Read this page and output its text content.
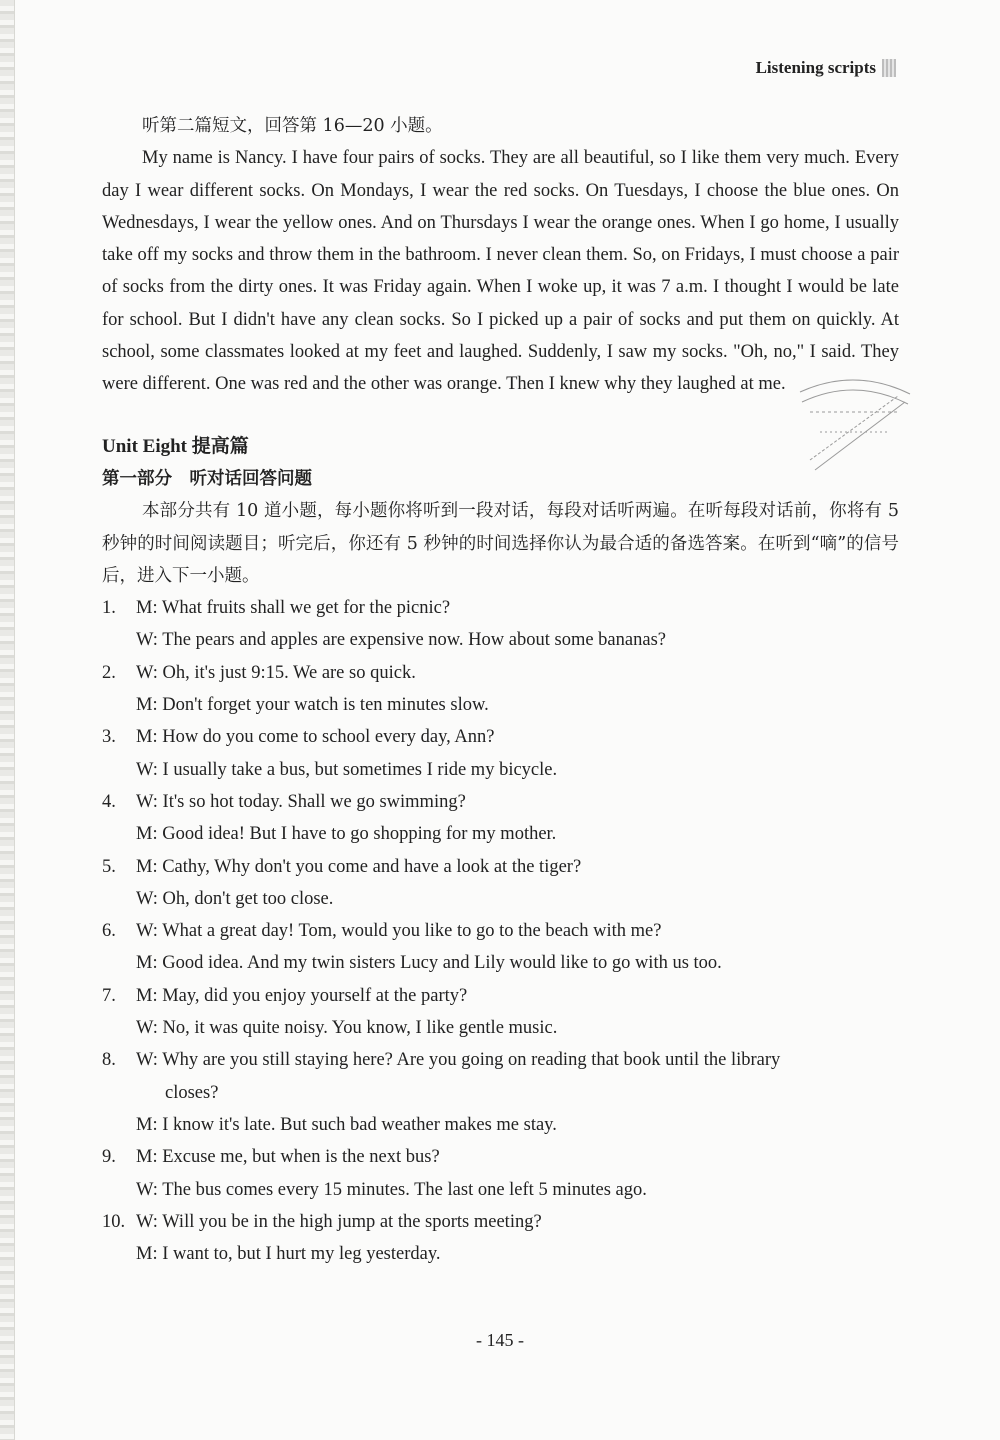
Listening scripts

听第二篇短文，回答第 16—20 小题。

My name is Nancy. I have four pairs of socks. They are all beautiful, so I like them very much. Every day I wear different socks. On Mondays, I wear the red socks. On Tuesdays, I choose the blue ones. On Wednesdays, I wear the yellow ones. And on Thursdays I wear the orange ones. When I go home, I usually take off my socks and throw them in the bathroom. I never clean them. So, on Fridays, I must choose a pair of socks from the dirty ones. It was Friday again. When I woke up, it was 7 a.m. I thought I would be late for school. But I didn't have any clean socks. So I picked up a pair of socks and put them on quickly. At school, some classmates looked at my feet and laughed. Suddenly, I saw my socks. "Oh, no," I said. They were different. One was red and the other was orange. Then I knew why they laughed at me.

Unit Eight 提高篇
第一部分　听对话回答问题

本部分共有 10 道小题，每小题你将听到一段对话，每段对话听两遍。在听每段对话前，你将有 5 秒钟的时间阅读题目；听完后，你还有 5 秒钟的时间选择你认为最合适的备选答案。在听到“嘀”的信号后，进入下一小题。

1. M: What fruits shall we get for the picnic?
W: The pears and apples are expensive now. How about some bananas?
2. W: Oh, it's just 9:15. We are so quick.
M: Don't forget your watch is ten minutes slow.
3. M: How do you come to school every day, Ann?
W: I usually take a bus, but sometimes I ride my bicycle.
4. W: It's so hot today. Shall we go swimming?
M: Good idea! But I have to go shopping for my mother.
5. M: Cathy, Why don't you come and have a look at the tiger?
W: Oh, don't get too close.
6. W: What a great day! Tom, would you like to go to the beach with me?
M: Good idea. And my twin sisters Lucy and Lily would like to go with us too.
7. M: May, did you enjoy yourself at the party?
W: No, it was quite noisy. You know, I like gentle music.
8. W: Why are you still staying here? Are you going on reading that book until the library
closes?
M: I know it's late. But such bad weather makes me stay.
9. M: Excuse me, but when is the next bus?
W: The bus comes every 15 minutes. The last one left 5 minutes ago.
10. W: Will you be in the high jump at the sports meeting?
M: I want to, but I hurt my leg yesterday.
- 145 -
